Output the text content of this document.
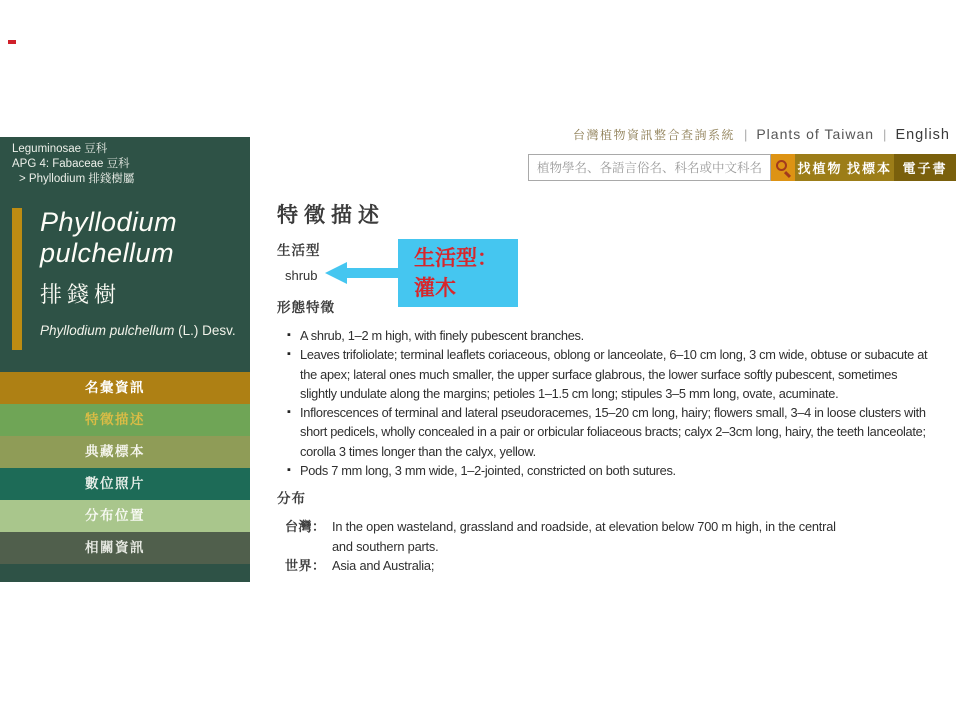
Leguminosae 豆科
APG 4: Fabaceae 豆科
> Phyllodium 排錢樹屬
Phyllodium
pulchellum
排錢樹
Phyllodium pulchellum (L.) Desv.
名彙資訊
特徵描述
典藏標本
數位照片
分布位置
相關資訊
台灣植物資訊整合查詢系統 | Plants of Taiwan | English
植物學名、各語言俗名、科名或中文科名
找植物 找標本 電子書
特徵描述
生活型
shrub
形態特徵
▪ A shrub, 1–2 m high, with finely pubescent branches.
▪ Leaves trifoliolate; terminal leaflets coriaceous, oblong or lanceolate, 6–10 cm long, 3 cm wide, obtuse or subacute at the apex; lateral ones much smaller, the upper surface glabrous, the lower surface softly pubescent, sometimes slightly undulate along the margins; petioles 1–1.5 cm long; stipules 3–5 mm long, ovate, acuminate.
▪ Inflorescences of terminal and lateral pseudoracemes, 15–20 cm long, hairy; flowers small, 3–4 in loose clusters with short pedicels, wholly concealed in a pair or orbicular foliaceous bracts; calyx 2–3cm long, hairy, the teeth lanceolate; corolla 3 times longer than the calyx, yellow.
▪ Pods 7 mm long, 3 mm wide, 1–2-jointed, constricted on both sutures.
分布
台灣： In the open wasteland, grassland and roadside, at elevation below 700 m high, in the central and southern parts.
世界： Asia and Australia;
生活型：
灌木
